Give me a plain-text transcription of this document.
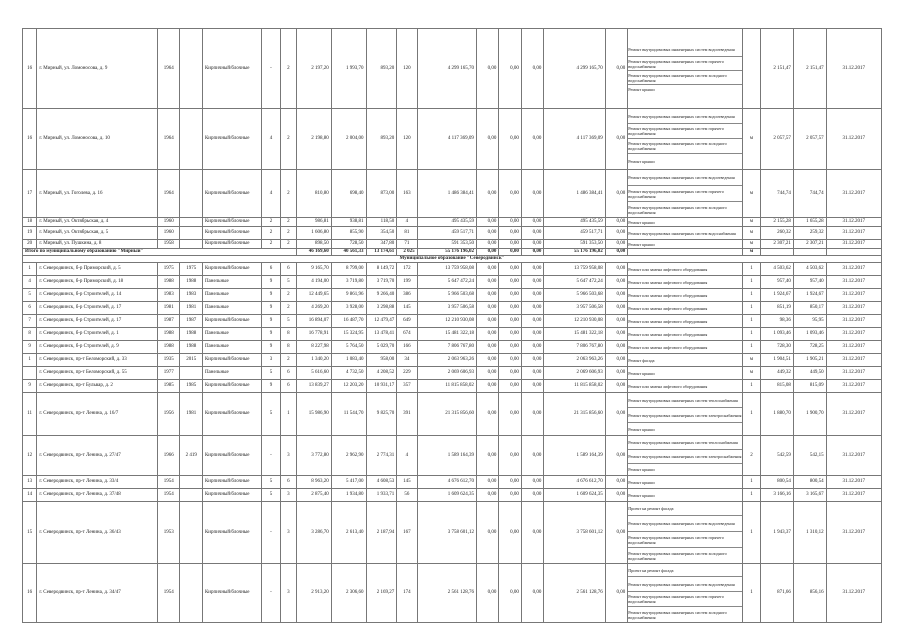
16	г. Мирный, ул. Ломоносова, д. 9	1964		Кирпичный/блочные	-	2	2 197,20	1 993,70	893,20	120	4 299 165,70	0,00	0,00	0,00	4 299 165,70	0,00	Ремонт внутридомовых инженерных систем водоотведения
Ремонт внутридомовых инженерных систем горячего водоснабжения
Ремонт внутридомовых инженерных систем холодного водоснабжения
Ремонт крыши		2 151,47	2 151,47	31.12.2017
16	г. Мирный, ул. Ломоносова, д. 10	1964		Кирпичный/блочные	4	2	2 198,80	2 004,00	893,20	120	4 117 369,09	0,00	0,00	0,00	4 117 369,09	0,00	Ремонт внутридомовых инженерных систем водоотведения
Ремонт внутридомовых инженерных систем горячего водоснабжения
Ремонт внутридомовых инженерных систем холодного водоснабжения
Ремонт крыши	м	2 057,57	2 057,57	31.12.2017
17	г. Мирный, ул. Гоголева, д. 16	1964		Кирпичный/блочные	4	2	810,80	698,40	873,00	163	1 486 384,41	0,00	0,00	0,00	1 486 384,41	0,00	Ремонт внутридомовых инженерных систем водоотведения
Ремонт внутридомовых инженерных систем горячего водоснабжения
Ремонт внутридомовых инженерных систем холодного водоснабжения	м	744,74	744,74	31.12.2017
18	г. Мирный, ул. Октябрьская, д. 4	1960		Кирпичный/блочные	2	2	986,81	938,81	118,50	4	495 435,59	0,00	0,00	0,00	495 435,59	0,00	Ремонт крыши	м	2 155,28	1 655,28	31.12.2017
19	г. Мирный, ул. Октябрьская, д. 5	1960		Кирпичный/блочные	2	2	1 606,80	855,90	354,50	81	459 517,71	0,00	0,00	0,00	459 517,71	0,00	Ремонт внутридомовых инженерных систем водоснабжения	м	260,32	259,32	31.12.2017
20	г. Мирный, ул. Пушкина, д. 8	1958		Кирпичный/блочные	2	2	898,50	728,50	347,80	71	591 353,50	0,00	0,00	0,00	591 353,50	0,00	Ремонт крыши	м	2 307,21	2 307,21	31.12.2017
Итого по муниципальному образованию "Мирный"							46 169,60	40 561,33	13 174,61	2 025	55 176 196,02	0,00	0,00	0,00	55 176 196,02	0,00		м			
Муниципальное образование "Северодвинск"																					
1	г. Северодвинск, б-р Приморский, д. 5	1975	1975	Кирпичный/блочные	6	6	9 165,70	8 799,00	8 149,72	172	13 759 958,08	0,00	0,00	0,00	13 759 958,08	0,00	Ремонт или замена лифтового оборудования	1	4 503,62	4 503,62	31.12.2017
4	г. Северодвинск, б-р Приморский, д. 18	1988	1988	Панельные	9	5	4 194,00	3 719,80	3 719,70	199	5 647 472,24	0,00	0,00	0,00	5 647 472,24	0,00	Ремонт или замена лифтового оборудования	1	957,40	957,40	31.12.2017
5	г. Северодвинск, б-р Строителей, д. 14	1983	1983	Панельные	9	2	12 449,65	9 861,96	9 266,40	386	5 966 503,68	0,00	0,00	0,00	5 966 503,68	0,00	Ремонт или замена лифтового оборудования	1	1 924,67	1 924,67	31.12.2017
6	г. Северодвинск, б-р Строителей, д. 17	1981	1981	Панельные	9	2	4 269,20	3 928,00	3 298,88	145	3 957 506,58	0,00	0,00	0,00	3 957 506,58	0,00	Ремонт или замена лифтового оборудования	1	851,19	850,17	31.12.2017
7	г. Северодвинск, б-р Строителей, д. 17	1987	1987	Кирпичный/блочные	9	5	16 894,07	16 487,70	12 479,47	649	12 210 930,08	0,00	0,00	0,00	12 210 930,08	0,00	Ремонт или замена лифтового оборудования	1	98,36	95,95	31.12.2017
8	г. Северодвинск, б-р Строителей, д. 1	1988	1988	Панельные	9	8	16 778,91	15 324,95	13 478,41	674	15 481 322,18	0,00	0,00	0,00	15 481 322,18	0,00	Ремонт или замена лифтового оборудования	1	1 093,46	1 093,46	31.12.2017
9	г. Северодвинск, б-р Строителей, д. 9	1988	1988	Панельные	9	8	8 227,98	5 764,50	5 029,70	166	7 806 767,80	0,00	0,00	0,00	7 806 767,80	0,00	Ремонт или замена лифтового оборудования	1	728,30	728,25	31.12.2017
1	г. Северодвинск, пр-т Беломорский, д. 33	1935	2015	Кирпичный/блочные	3	2	1 340,20	1 083,40	958,00	34	2 063 963,26	0,00	0,00	0,00	2 063 963,26	0,00	Ремонт фасада	м	1 904,51	1 905,21	31.12.2017
	г. Северодвинск, пр-т Беломорский, д. 55	1977		Панельные	5	6	5 616,60	4 732,50	4 208,52	229	2 069 606,93	0,00	0,00	0,00	2 069 606,93	0,00	Ремонт крыши	м	449,32	449,50	31.12.2017
9	г. Северодвинск, пр-т Бульвар, д. 2	1985	1985	Кирпичный/блочные	9	6	13 839,27	12 203,20	10 931,17	357	11 815 858,02	0,00	0,00	0,00	11 815 858,02	0,00	Ремонт или замена лифтового оборудования	1	815,08	815,09	31.12.2017
11	г. Северодвинск, пр-т Ленина, д. 16/7	1956	1981	Кирпичный/блочные	5	1	15 986,90	11 544,70	9 825,70	391	21 315 856,60	0,00	0,00	0,00	21 315 856,60	0,00	Ремонт внутридомовых инженерных систем теплоснабжения
Ремонт внутридомовых инженерных систем электроснабжения
Ремонт крыши	1	1 880,70	1 900,70	31.12.2017
12	г. Северодвинск, пр-т Ленина, д. 27/47	1966	2 419	Кирпичный/блочные	-	3	3 772,80	2 962,90	2 774,31	4	1 589 164,39	0,00	0,00	0,00	1 589 164,39	0,00	Ремонт внутридомовых инженерных систем теплоснабжения
Ремонт внутридомовых инженерных систем электроснабжения
Ремонт крыши	2	542,59	542,15	31.12.2017
13	г. Северодвинск, пр-т Ленина, д. 33/4	1954		Кирпичный/блочные	5	6	8 963,20	5 417,00	4 608,53	145	4 676 612,70	0,00	0,00	0,00	4 676 612,70	0,00	Ремонт крыши	1	800,54	800,54	31.12.2017
14	г. Северодвинск, пр-т Ленина, д. 37/48	1954		Кирпичный/блочные	5	3	2 875,40	1 934,80	1 933,71	56	1 609 624,35	0,00	0,00	0,00	1 609 624,35	0,00	Ремонт крыши	1	3 166,16	3 165,67	31.12.2017
15	г. Северодвинск, пр-т Ленина, д. 36/43	1953		Кирпичный/блочные	-	3	3 286,70	2 613,40	2 187,94	167	3 758 601,12	0,00	0,00	0,00	3 758 601,12	0,00	Проект на ремонт фасада
Ремонт внутридомовых инженерных систем водоотведения
Ремонт внутридомовых инженерных систем горячего водоснабжения
Ремонт внутридомовых инженерных систем холодного водоснабжения	1	1 943,37	1 310,12	31.12.2017
16	г. Северодвинск, пр-т Ленина, д. 34/47	1954		Кирпичный/блочные	-	3	2 913,20	2 306,60	2 169,27	174	2 561 128,76	0,00	0,00	0,00	2 561 128,76	0,00	Проект на ремонт фасада
Ремонт внутридомовых инженерных систем водоотведения
Ремонт внутридомовых инженерных систем горячего водоснабжения
Ремонт внутридомовых инженерных систем холодного водоснабжения	1	871,66	856,16	31.12.2017
